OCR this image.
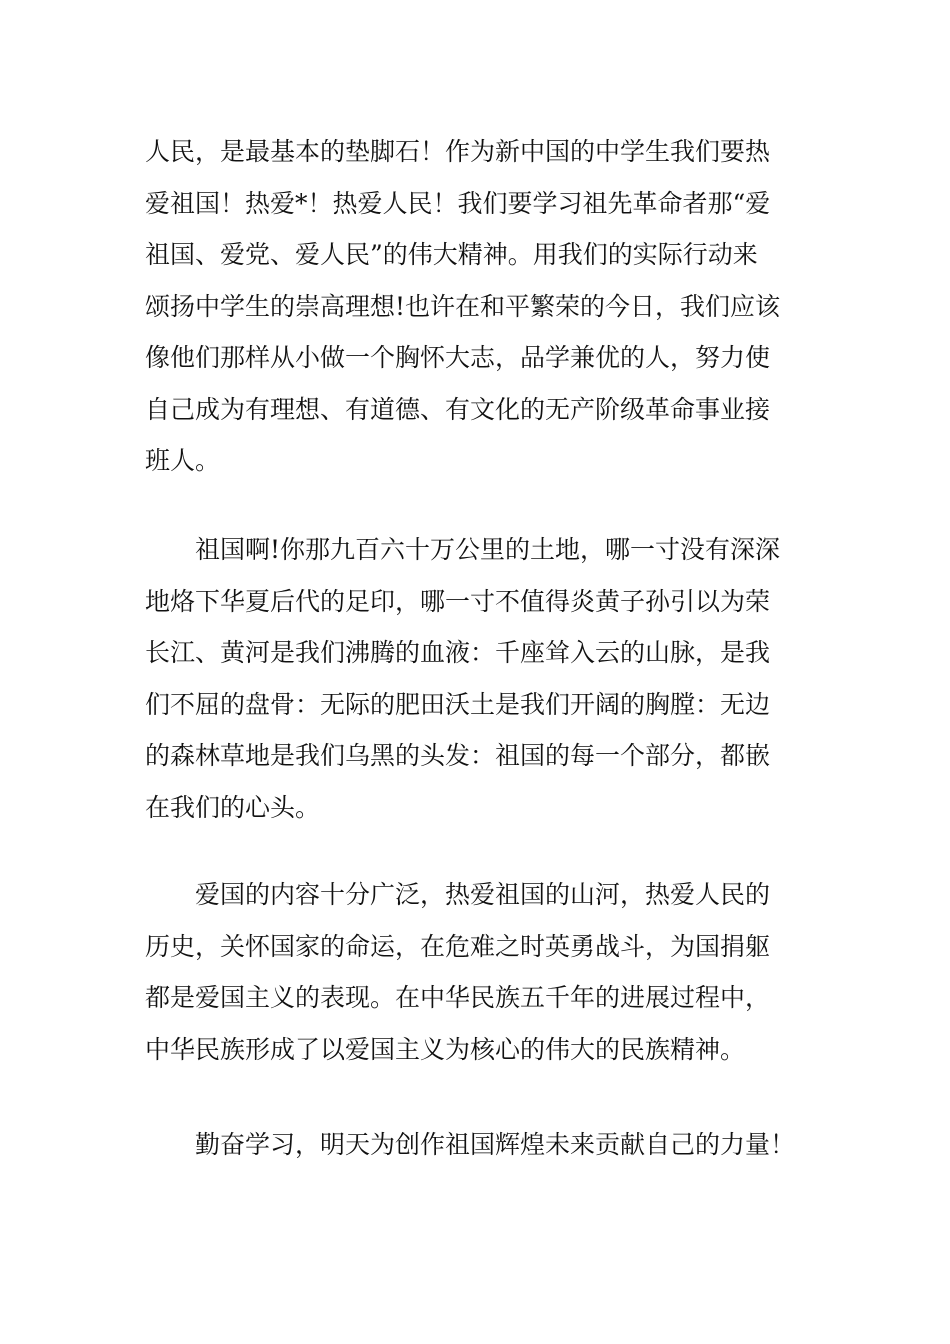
人民，是最基本的垫脚石！作为新中国的中学生我们要热
爱祖国！热爱*！热爱人民！我们要学习祖先革命者那“爱
祖国、爱党、爱人民”的伟大精神。用我们的实际行动来
颂扬中学生的崇高理想!也许在和平繁荣的今日，我们应该
像他们那样从小做一个胸怀大志，品学兼优的人，努力使
自己成为有理想、有道德、有文化的无产阶级革命事业接
班人。
祖国啊!你那九百六十万公里的土地，哪一寸没有深深
地烙下华夏后代的足印，哪一寸不值得炎黄子孙引以为荣
长江、黄河是我们沸腾的血液：千座耸入云的山脉，是我
们不屈的盘骨：无际的肥田沃土是我们开阔的胸膛：无边
的森林草地是我们乌黑的头发：祖国的每一个部分，都嵌
在我们的心头。
爱国的内容十分广泛，热爱祖国的山河，热爱人民的
历史，关怀国家的命运，在危难之时英勇战斗，为国捐躯
都是爱国主义的表现。在中华民族五千年的进展过程中，
中华民族形成了以爱国主义为核心的伟大的民族精神。
勤奋学习，明天为创作祖国辉煌未来贡献自己的力量！
